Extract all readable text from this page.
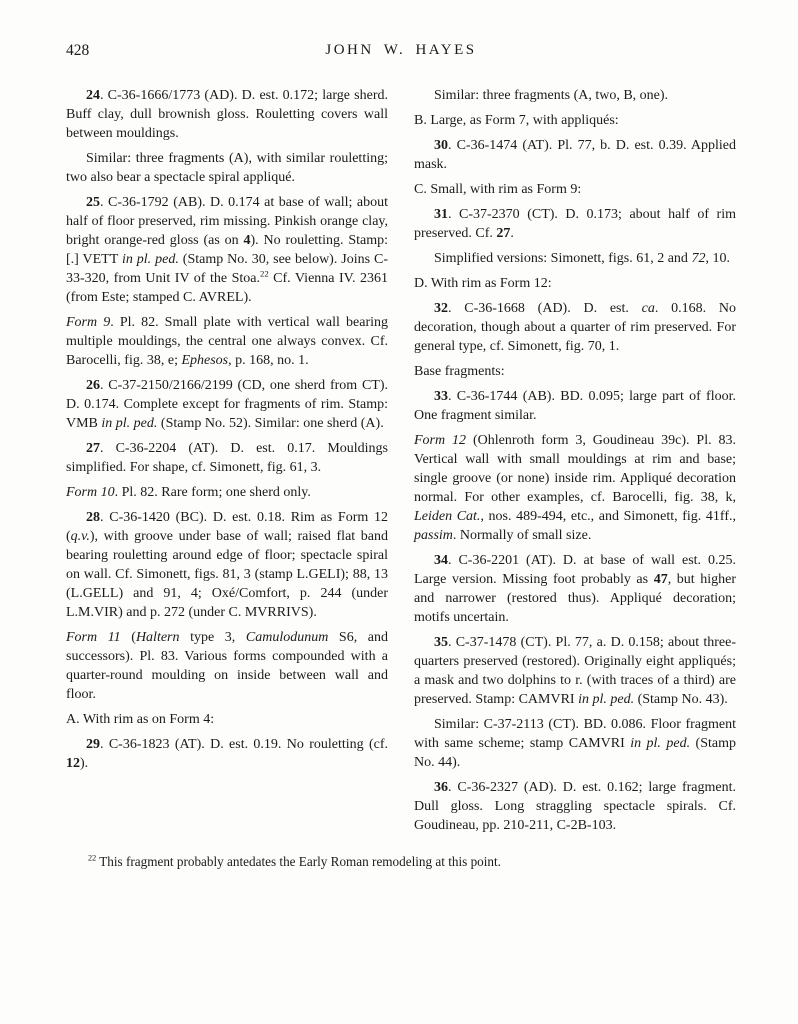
428	JOHN W. HAYES

24. C-36-1666/1773 (AD). D. est. 0.172; large sherd. Buff clay, dull brownish gloss. Rouletting covers wall between mouldings.

Similar: three fragments (A), with similar rouletting; two also bear a spectacle spiral appliqué.

25. C-36-1792 (AB). D. 0.174 at base of wall; about half of floor preserved, rim missing. Pinkish orange clay, bright orange-red gloss (as on 4). No rouletting. Stamp: [.] VETT in pl. ped. (Stamp No. 30, see below). Joins C-33-320, from Unit IV of the Stoa.$^{22}$ Cf. Vienna IV. 2361 (from Este; stamped C. AVREL).

Form 9. Pl. 82. Small plate with vertical wall bearing multiple mouldings, the central one always convex. Cf. Barocelli, fig. 38, e; Ephesos, p. 168, no. 1.

26. C-37-2150/2166/2199 (CD, one sherd from CT). D. 0.174. Complete except for fragments of rim. Stamp: VMB in pl. ped. (Stamp No. 52). Similar: one sherd (A).

27. C-36-2204 (AT). D. est. 0.17. Mouldings simplified. For shape, cf. Simonett, fig. 61, 3.

Form 10. Pl. 82. Rare form; one sherd only.

28. C-36-1420 (BC). D. est. 0.18. Rim as Form 12 (q.v.), with groove under base of wall; raised flat band bearing rouletting around edge of floor; spectacle spiral on wall. Cf. Simonett, figs. 81, 3 (stamp L.GELI); 88, 13 (L.GELL) and 91, 4; Oxé/Comfort, p. 244 (under L.M.VIR) and p. 272 (under C. MVRRIVS).

Form 11 (Haltern type 3, Camulodunum S6, and successors). Pl. 83. Various forms compounded with a quarter-round moulding on inside between wall and floor.

A. With rim as on Form 4:

29. C-36-1823 (AT). D. est. 0.19. No rouletting (cf. 12).

Similar: three fragments (A, two, B, one).

B. Large, as Form 7, with appliqués:

30. C-36-1474 (AT). Pl. 77, b. D. est. 0.39. Applied mask.

C. Small, with rim as Form 9:

31. C-37-2370 (CT). D. 0.173; about half of rim preserved. Cf. 27.

Simplified versions: Simonett, figs. 61, 2 and 72, 10.

D. With rim as Form 12:

32. C-36-1668 (AD). D. est. ca. 0.168. No decoration, though about a quarter of rim preserved. For general type, cf. Simonett, fig. 70, 1.

Base fragments:

33. C-36-1744 (AB). BD. 0.095; large part of floor. One fragment similar.

Form 12 (Ohlenroth form 3, Goudineau 39c). Pl. 83. Vertical wall with small mouldings at rim and base; single groove (or none) inside rim. Appliqué decoration normal. For other examples, cf. Barocelli, fig. 38, k, Leiden Cat., nos. 489-494, etc., and Simonett, fig. 41ff., passim. Normally of small size.

34. C-36-2201 (AT). D. at base of wall est. 0.25. Large version. Missing foot probably as 47, but higher and narrower (restored thus). Appliqué decoration; motifs uncertain.

35. C-37-1478 (CT). Pl. 77, a. D. 0.158; about three-quarters preserved (restored). Originally eight appliqués; a mask and two dolphins to r. (with traces of a third) are preserved. Stamp: CAMVRI in pl. ped. (Stamp No. 43).

Similar: C-37-2113 (CT). BD. 0.086. Floor fragment with same scheme; stamp CAMVRI in pl. ped. (Stamp No. 44).

36. C-36-2327 (AD). D. est. 0.162; large fragment. Dull gloss. Long straggling spectacle spirals. Cf. Goudineau, pp. 210-211, C-2B-103.

$^{22}$ This fragment probably antedates the Early Roman remodeling at this point.
